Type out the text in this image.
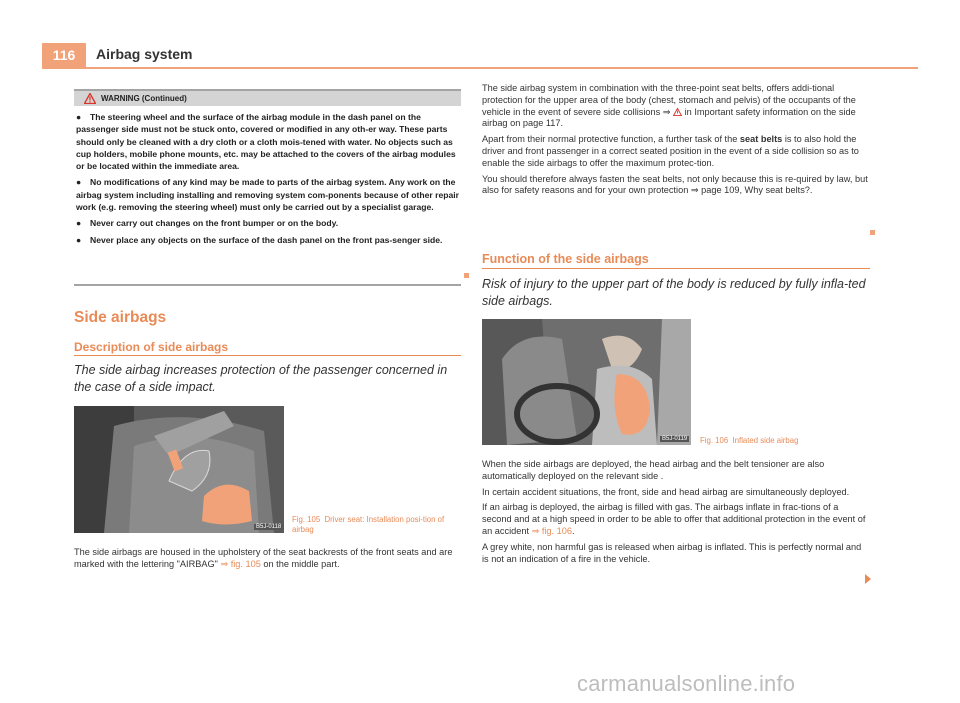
116	Airbag system
WARNING (Continued)

● The steering wheel and the surface of the airbag module in the dash panel on the passenger side must not be stuck onto, covered or modified in any oth-er way. These parts should only be cleaned with a dry cloth or a cloth mois-tened with water. No objects such as cup holders, mobile phone mounts, etc. may be attached to the covers of the airbag modules or be located within the immediate area.

● No modifications of any kind may be made to parts of the airbag system. Any work on the airbag system including installing and removing system com-ponents because of other repair work (e.g. removing the steering wheel) must only be carried out by a specialist garage.

● Never carry out changes on the front bumper or on the body.

● Never place any objects on the surface of the dash panel on the front pas-senger side.

Side airbags
Description of side airbags
The side airbag increases protection of the passenger concerned in the case of a side impact.
B5J-0118
Fig. 105 Driver seat: Installation posi-tion of airbag
The side airbags are housed in the upholstery of the seat backrests of the front seats and are marked with the lettering "AIRBAG" ⇒ fig. 105 on the middle part.

The side airbag system in combination with the three-point seat belts, offers addi-tional protection for the upper area of the body (chest, stomach and pelvis) of the occupants of the vehicle in the event of severe side collisions ⇒ in Important safety information on the side airbag on page 117.

Apart from their normal protective function, a further task of the seat belts is to also hold the driver and front passenger in a correct seated position in the event of a side collision so as to enable the side airbags to offer the maximum protec-tion.

You should therefore always fasten the seat belts, not only because this is re-quired by law, but also for safety reasons and for your own protection ⇒ page 109, Why seat belts?.

Function of the side airbags
Risk of injury to the upper part of the body is reduced by fully infla-ted side airbags.
B5J-0119 Fig. 106 Inflated side airbag

When the side airbags are deployed, the head airbag and the belt tensioner are also automatically deployed on the relevant side .

In certain accident situations, the front, side and head airbag are simultaneously deployed.

If an airbag is deployed, the airbag is filled with gas. The airbags inflate in frac-tions of a second and at a high speed in order to be able to offer that additional protection in the event of an accident ⇒ fig. 106.

A grey white, non harmful gas is released when airbag is inflated. This is perfectly normal and is not an indication of a fire in the vehicle.

carmanualsonline.info
